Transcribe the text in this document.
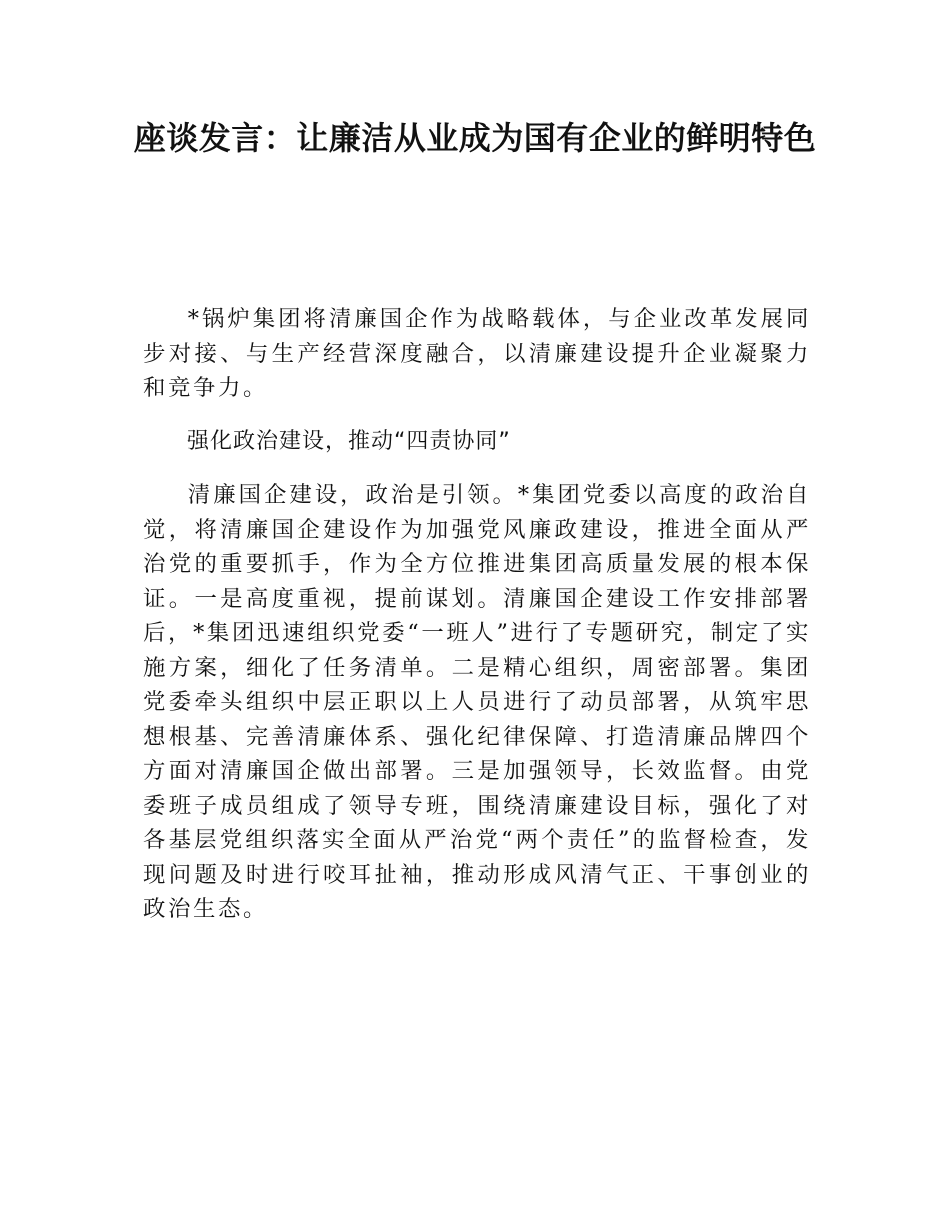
座谈发言：让廉洁从业成为国有企业的鲜明特色

*锅炉集团将清廉国企作为战略载体，与企业改革发展同步对接、与生产经营深度融合，以清廉建设提升企业凝聚力和竞争力。

强化政治建设，推动“四责协同”

清廉国企建设，政治是引领。*集团党委以高度的政治自觉，将清廉国企建设作为加强党风廉政建设，推进全面从严治党的重要抓手，作为全方位推进集团高质量发展的根本保证。一是高度重视，提前谋划。清廉国企建设工作安排部署后，*集团迅速组织党委“一班人”进行了专题研究，制定了实施方案，细化了任务清单。二是精心组织，周密部署。集团党委牵头组织中层正职以上人员进行了动员部署，从筑牢思想根基、完善清廉体系、强化纪律保障、打造清廉品牌四个方面对清廉国企做出部署。三是加强领导，长效监督。由党委班子成员组成了领导专班，围绕清廉建设目标，强化了对各基层党组织落实全面从严治党“两个责任”的监督检查，发现问题及时进行咬耳扯袖，推动形成风清气正、干事创业的政治生态。
